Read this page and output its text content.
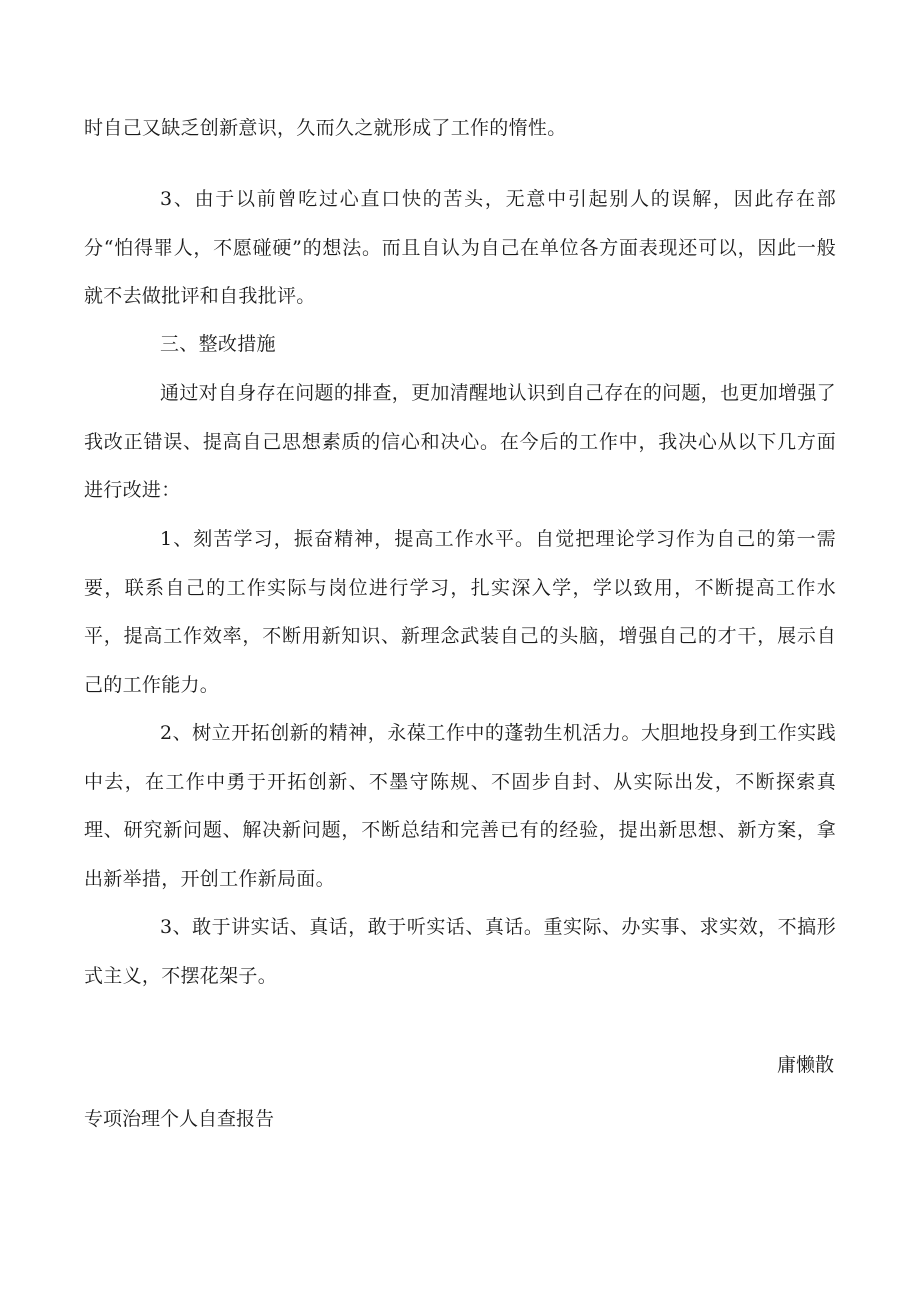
时自己又缺乏创新意识，久而久之就形成了工作的惰性。

3、由于以前曾吃过心直口快的苦头，无意中引起别人的误解，因此存在部分“怕得罪人，不愿碰硬”的想法。而且自认为自己在单位各方面表现还可以，因此一般就不去做批评和自我批评。

三、整改措施

通过对自身存在问题的排查，更加清醒地认识到自己存在的问题，也更加增强了我改正错误、提高自己思想素质的信心和决心。在今后的工作中，我决心从以下几方面进行改进：

1、刻苦学习，振奋精神，提高工作水平。自觉把理论学习作为自己的第一需要，联系自己的工作实际与岗位进行学习，扎实深入学，学以致用，不断提高工作水平，提高工作效率，不断用新知识、新理念武装自己的头脑，增强自己的才干，展示自己的工作能力。

2、树立开拓创新的精神，永葆工作中的蓬勃生机活力。大胆地投身到工作实践中去，在工作中勇于开拓创新、不墨守陈规、不固步自封、从实际出发，不断探索真理、研究新问题、解决新问题，不断总结和完善已有的经验，提出新思想、新方案，拿出新举措，开创工作新局面。

3、敢于讲实话、真话，敢于听实话、真话。重实际、办实事、求实效，不搞形式主义，不摆花架子。

庸懒散

专项治理个人自查报告
